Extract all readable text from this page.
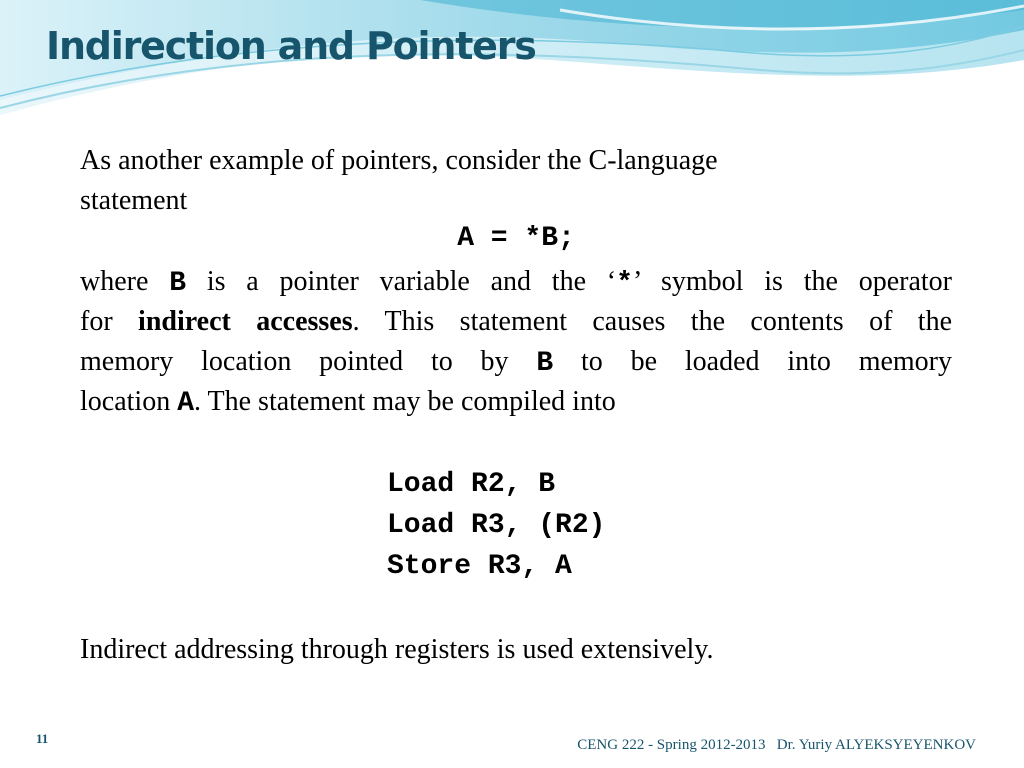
Indirection and Pointers
As another example of pointers, consider the C-language
statement
A = *B;
where B is a pointer variable and the ‘*’ symbol is the operator
for indirect accesses. This statement causes the contents of the
memory location pointed to by B to be loaded into memory
location A. The statement may be compiled into
Load R2, B
Load R3, (R2)
Store R3, A
Indirect addressing through registers is used extensively.
11	CENG 222 - Spring 2012-2013   Dr. Yuriy ALYEKSYEYENKOV
